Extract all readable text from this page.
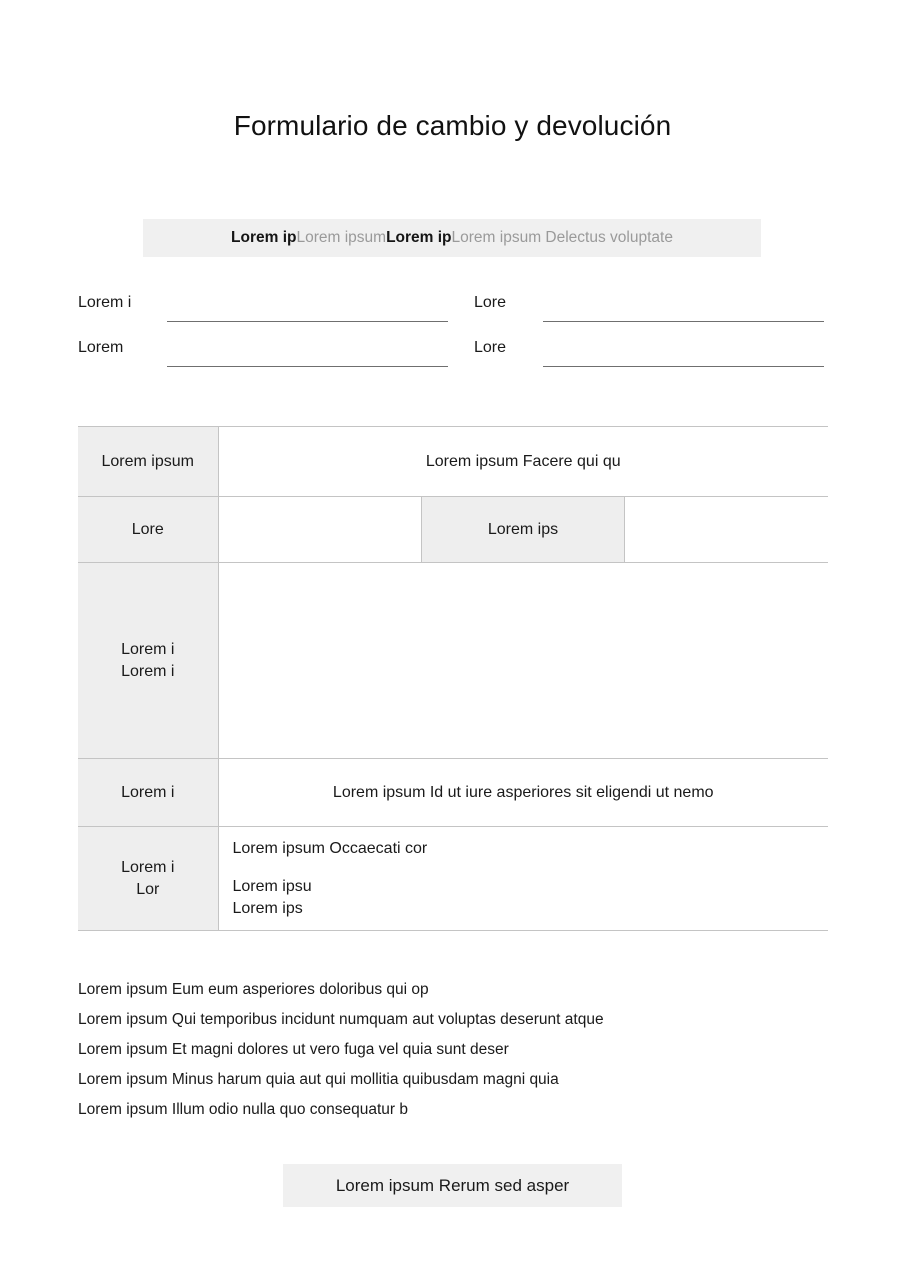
Formulario de cambio y devolución
Lorem ip Lorem ipsum Lorem ip Lorem ipsum Delectus voluptate
Lorem i	Lore
Lorem	Lore
Lorem ipsum	Lorem ipsum Facere qui qu		
Lore		Lorem ips	

Lorem i
Lorem i			

Lorem i	Lorem ipsum Id ut iure asperiores sit eligendi ut nemo		

Lorem i
Lor	Lorem ipsum Occaecati cor
Lorem ipsu
Lorem ips		
Lorem ipsum Eum eum asperiores doloribus qui op
Lorem ipsum Qui temporibus incidunt numquam aut voluptas deserunt atque
Lorem ipsum Et magni dolores ut vero fuga vel quia sunt deser
Lorem ipsum Minus harum quia aut qui mollitia quibusdam magni quia
Lorem ipsum Illum odio nulla quo consequatur b
Lorem ipsum Rerum sed asper
